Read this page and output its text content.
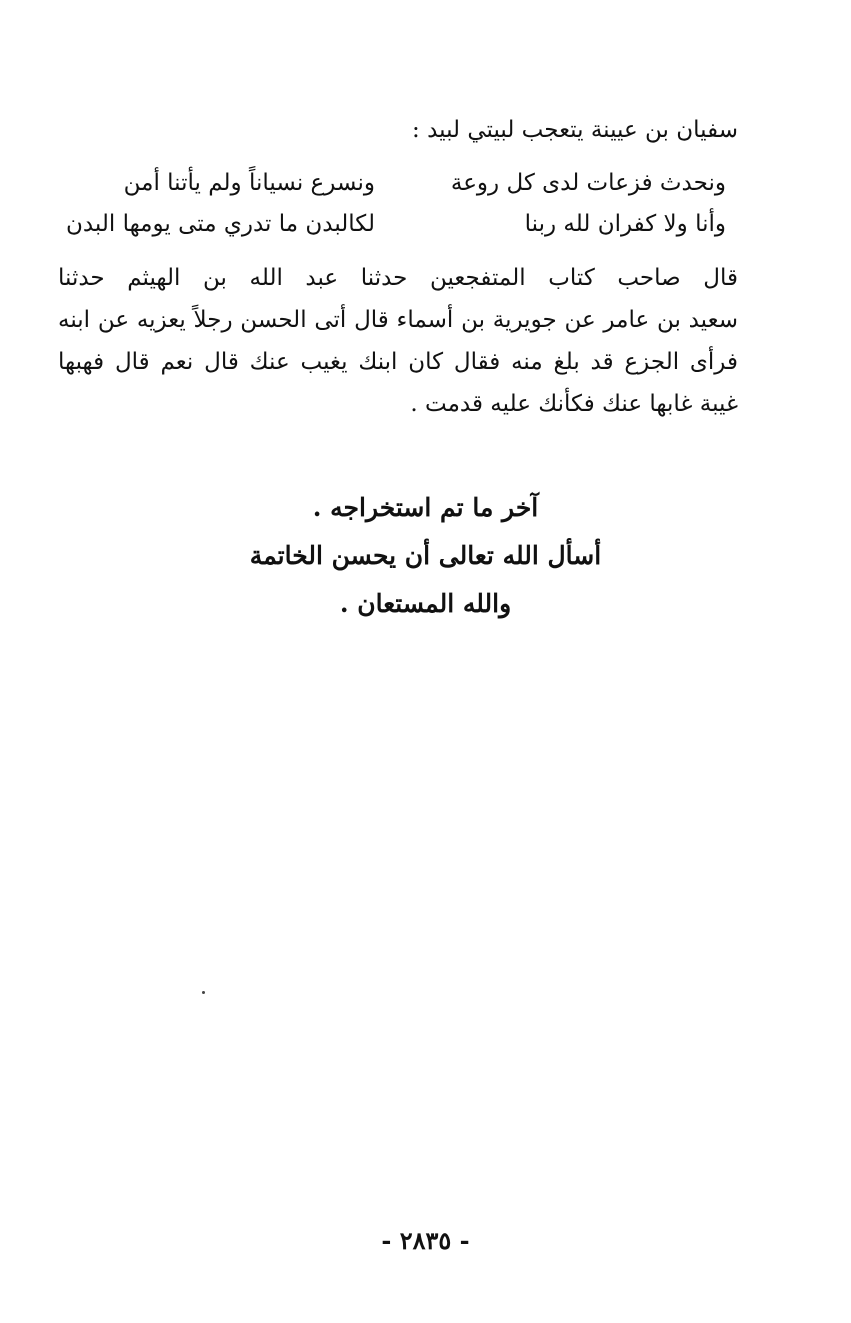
سفيان بن عيينة يتعجب لبيتي لبيد :
ونحدث فزعات لدى كل روعة
ونسرع نسياناً ولم يأتنا أمن
وأنا ولا كفران لله ربنا
لكالبدن ما تدري متى يومها البدن
قال صاحب كتاب المتفجعين حدثنا عبد الله بن الهيثم حدثنا
سعيد بن عامر عن جويرية بن أسماء قال أتى الحسن رجلاً يعزيه عن ابنه
فرأى الجزع قد بلغ منه فقال كان ابنك يغيب عنك قال نعم قال فهبها
غيبة غابها عنك فكأنك عليه قدمت .
آخر ما تم استخراجه .
أسأل الله تعالى أن يحسن الخاتمة
والله المستعان .
- ٢٨٣٥ -
